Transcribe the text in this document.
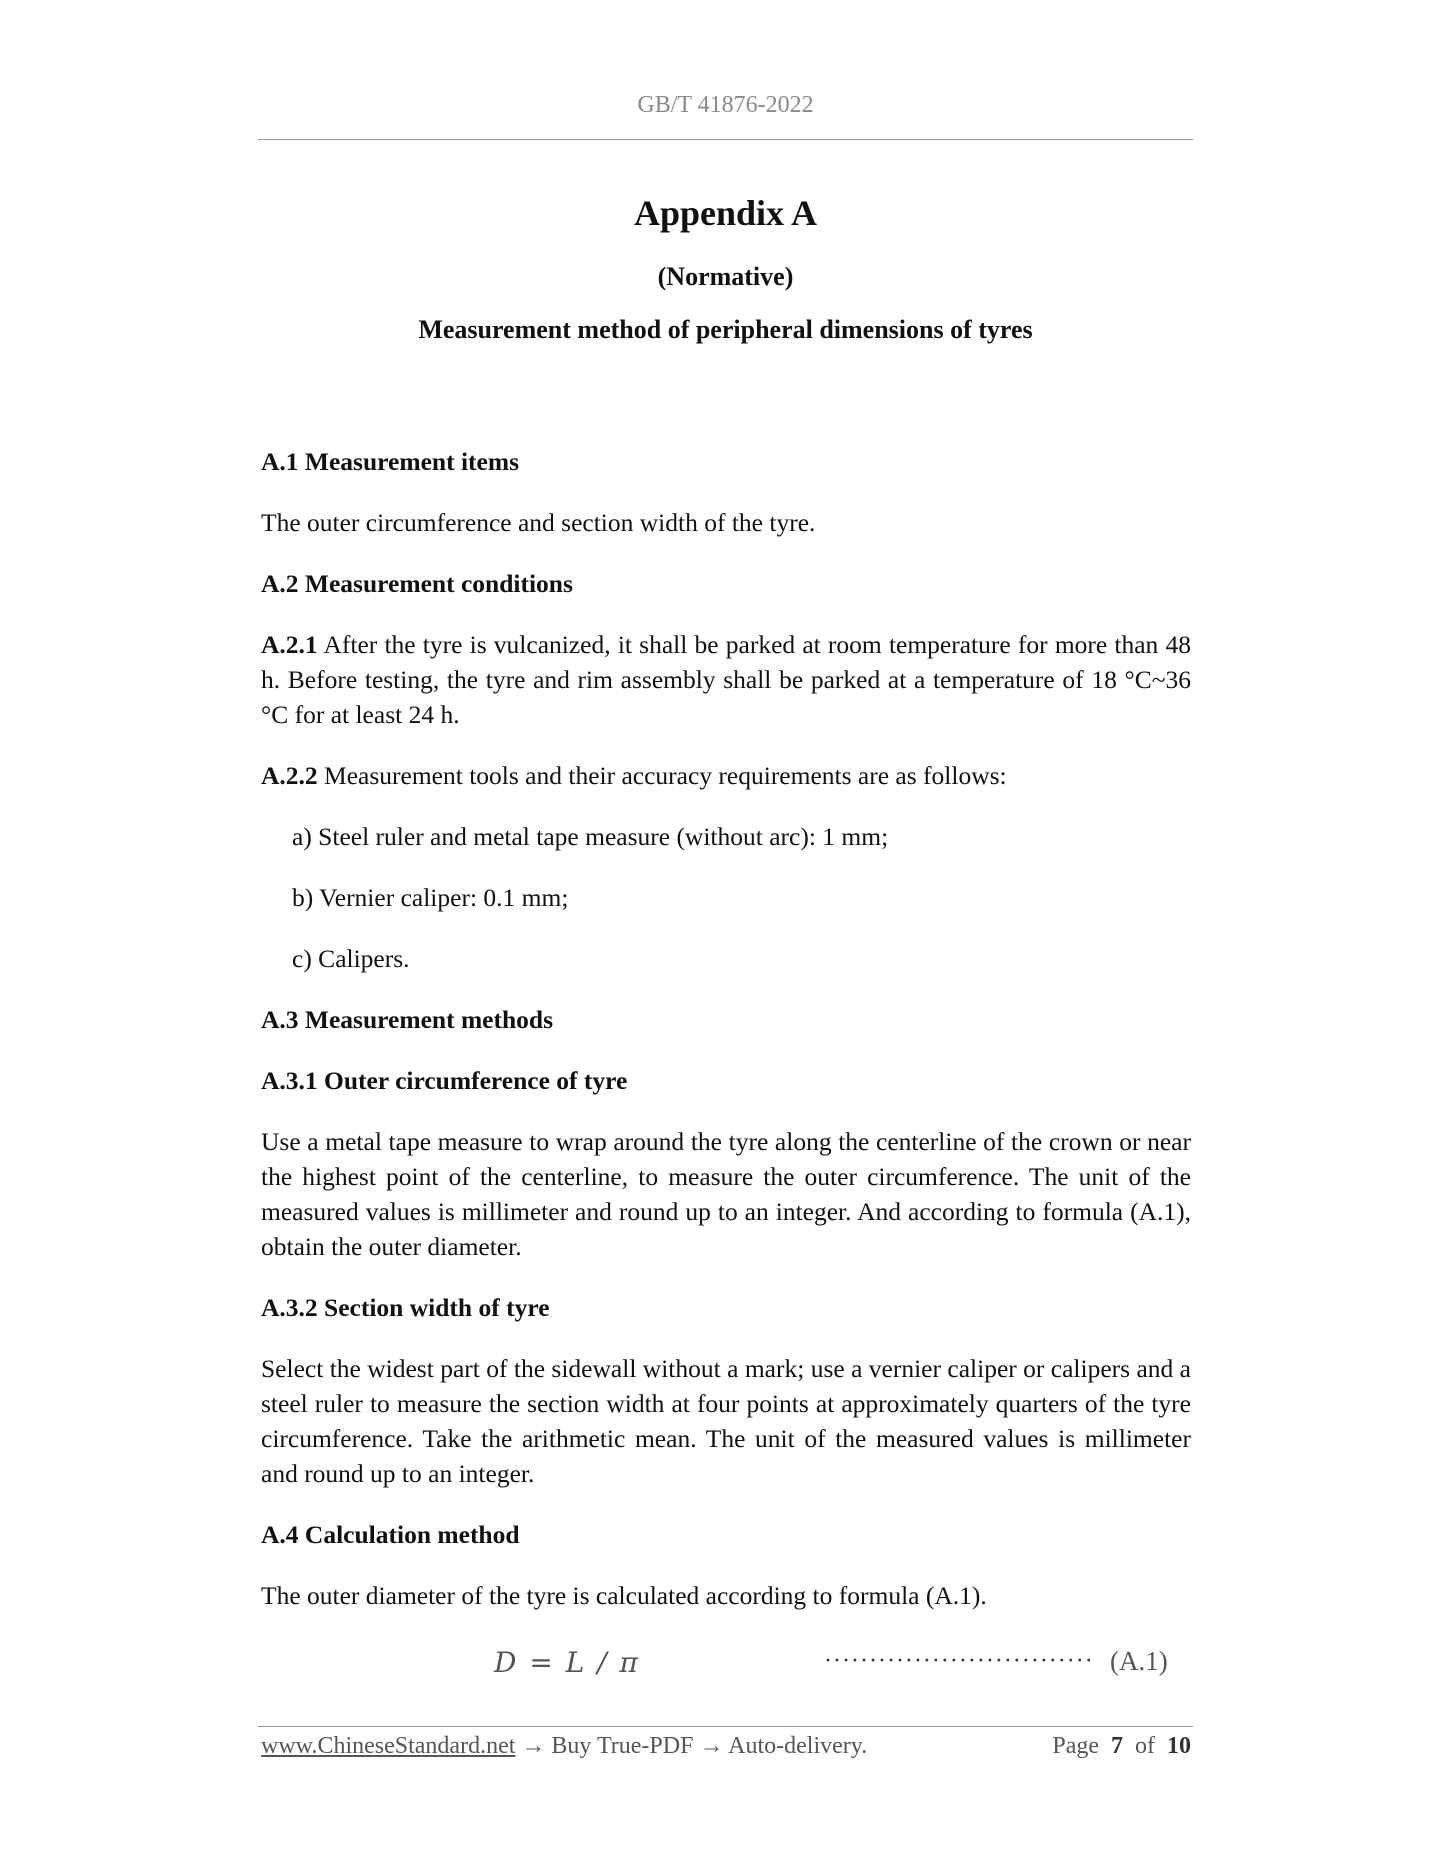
GB/T 41876-2022
Appendix A
(Normative)
Measurement method of peripheral dimensions of tyres

A.1 Measurement items

The outer circumference and section width of the tyre.

A.2 Measurement conditions

A.2.1 After the tyre is vulcanized, it shall be parked at room temperature for more than 48 h. Before testing, the tyre and rim assembly shall be parked at a temperature of 18 °C~36 °C for at least 24 h.

A.2.2 Measurement tools and their accuracy requirements are as follows:

a) Steel ruler and metal tape measure (without arc): 1 mm;

b) Vernier caliper: 0.1 mm;

c) Calipers.

A.3 Measurement methods

A.3.1 Outer circumference of tyre

Use a metal tape measure to wrap around the tyre along the centerline of the crown or near the highest point of the centerline, to measure the outer circumference. The unit of the measured values is millimeter and round up to an integer. And according to formula (A.1), obtain the outer diameter.

A.3.2 Section width of tyre

Select the widest part of the sidewall without a mark; use a vernier caliper or calipers and a steel ruler to measure the section width at four points at approximately quarters of the tyre circumference. Take the arithmetic mean. The unit of the measured values is millimeter and round up to an integer.

A.4 Calculation method

The outer diameter of the tyre is calculated according to formula (A.1).

D = L / π	······························ (A.1)
www.ChineseStandard.net → Buy True-PDF → Auto-delivery.	Page 7 of 10
